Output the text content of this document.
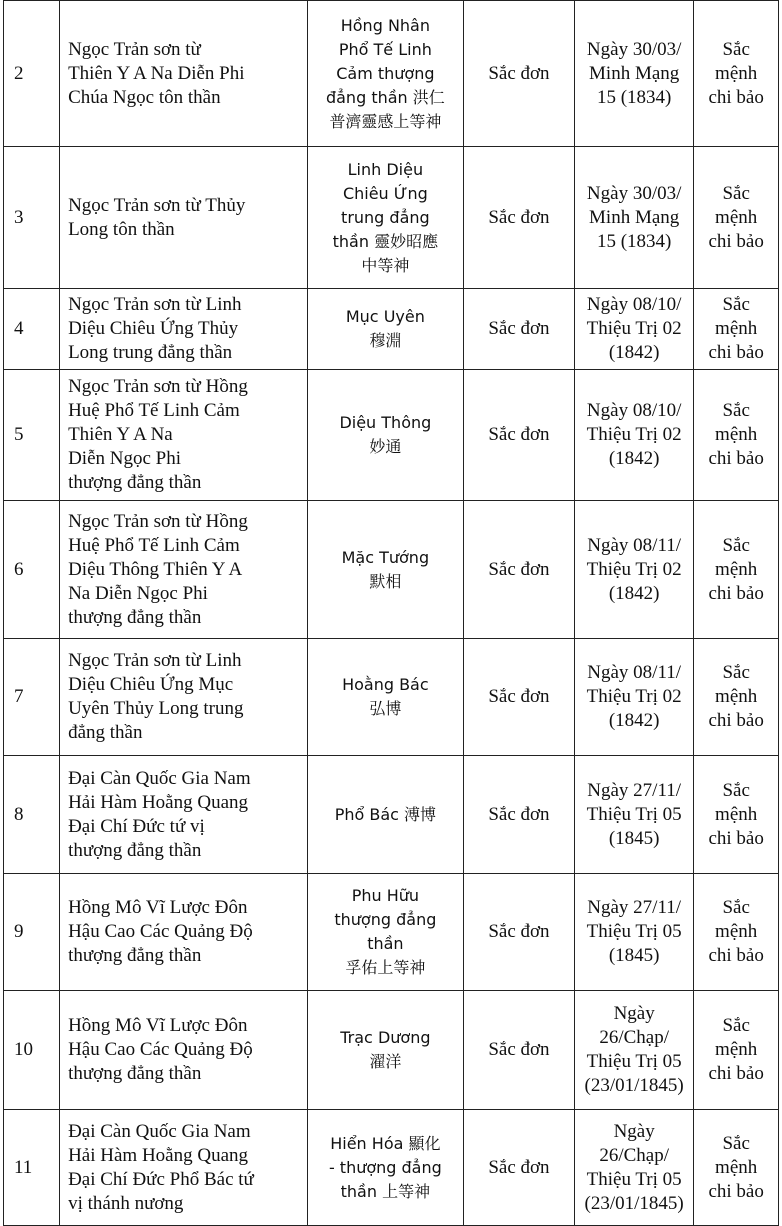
2	Ngọc Trản sơn từ
Thiên Y A Na Diễn Phi
Chúa Ngọc tôn thần	Hồng Nhân
Phổ Tế Linh
Cảm thượng
đẳng thần 洪仁
普濟靈感上等神	Sắc đơn	Ngày 30/03/
Minh Mạng
15 (1834)	Sắc
mệnh
chi bảo

3	Ngọc Trản sơn từ Thủy
Long tôn thần	Linh Diệu
Chiêu Ứng
trung đẳng
thần 靈妙昭應
中等神	Sắc đơn	Ngày 30/03/
Minh Mạng
15 (1834)	Sắc
mệnh
chi bảo

4	Ngọc Trản sơn từ Linh
Diệu Chiêu Ứng Thủy
Long trung đẳng thần	Mục Uyên
穆淵	Sắc đơn	Ngày 08/10/
Thiệu Trị 02
(1842)	Sắc
mệnh
chi bảo

5	Ngọc Trản sơn từ Hồng
Huệ Phổ Tế Linh Cảm
Thiên Y A Na
Diễn Ngọc Phi
thượng đẳng thần	Diệu Thông
妙通	Sắc đơn	Ngày 08/10/
Thiệu Trị 02
(1842)	Sắc
mệnh
chi bảo

6	Ngọc Trản sơn từ Hồng
Huệ Phổ Tế Linh Cảm
Diệu Thông Thiên Y A
Na Diễn Ngọc Phi
thượng đẳng thần	Mặc Tướng
默相	Sắc đơn	Ngày 08/11/
Thiệu Trị 02
(1842)	Sắc
mệnh
chi bảo

7	Ngọc Trản sơn từ Linh
Diệu Chiêu Ứng Mục
Uyên Thủy Long trung
đẳng thần	Hoằng Bác
弘博	Sắc đơn	Ngày 08/11/
Thiệu Trị 02
(1842)	Sắc
mệnh
chi bảo

8	Đại Càn Quốc Gia Nam
Hải Hàm Hoằng Quang
Đại Chí Đức tứ vị
thượng đẳng thần	Phổ Bác 溥博	Sắc đơn	Ngày 27/11/
Thiệu Trị 05
(1845)	Sắc
mệnh
chi bảo

9	Hồng Mô Vĩ Lược Đôn
Hậu Cao Các Quảng Độ
thượng đẳng thần	Phu Hữu
thượng đẳng
thần
孚佑上等神	Sắc đơn	Ngày 27/11/
Thiệu Trị 05
(1845)	Sắc
mệnh
chi bảo

10	Hồng Mô Vĩ Lược Đôn
Hậu Cao Các Quảng Độ
thượng đẳng thần	Trạc Dương
濯洋	Sắc đơn	Ngày
26/Chạp/
Thiệu Trị 05
(23/01/1845)	Sắc
mệnh
chi bảo

11	Đại Càn Quốc Gia Nam
Hải Hàm Hoằng Quang
Đại Chí Đức Phổ Bác tứ
vị thánh nương	Hiển Hóa 顯化
- thượng đẳng
thần 上等神	Sắc đơn	Ngày
26/Chạp/
Thiệu Trị 05
(23/01/1845)	Sắc
mệnh
chi bảo
